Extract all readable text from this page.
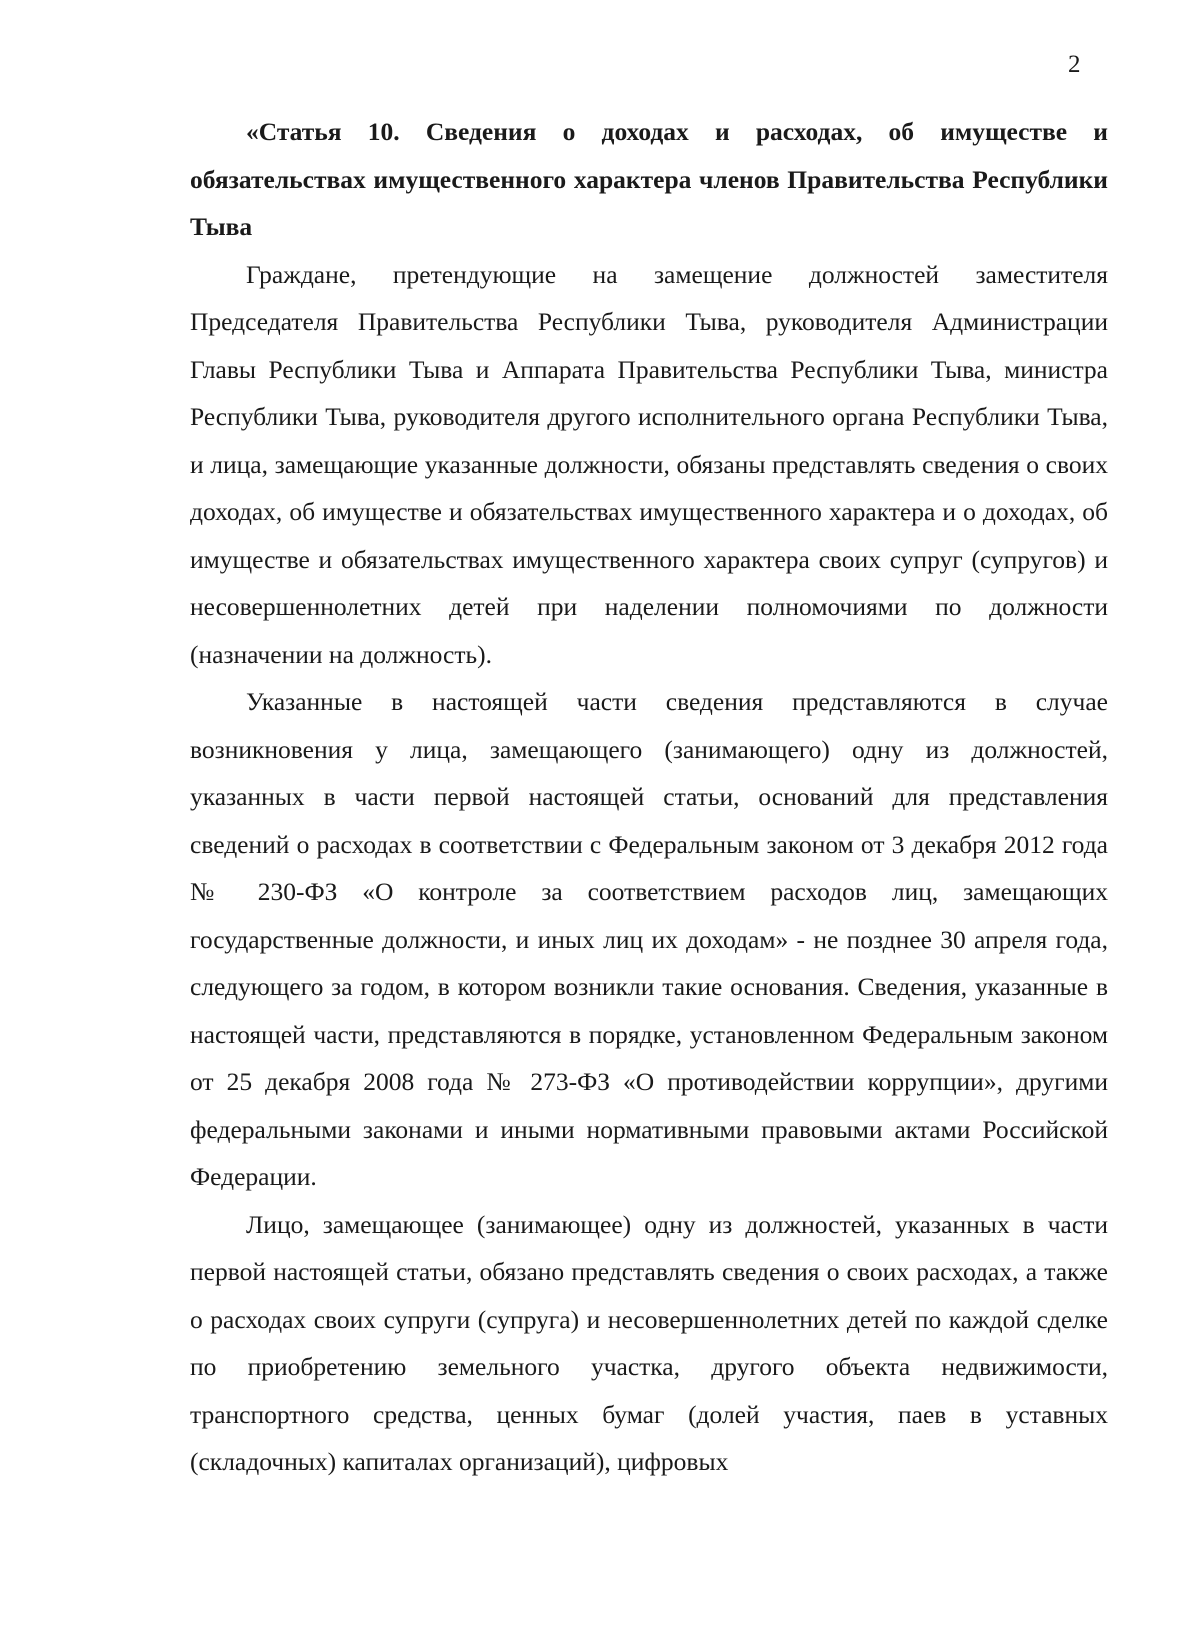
2

«Статья 10. Сведения о доходах и расходах, об имуществе и обязательствах имущественного характера членов Правительства Республики Тыва

Граждане, претендующие на замещение должностей заместителя Председателя Правительства Республики Тыва, руководителя Администрации Главы Республики Тыва и Аппарата Правительства Республики Тыва, министра Республики Тыва, руководителя другого исполнительного органа Республики Тыва, и лица, замещающие указанные должности, обязаны представлять сведения о своих доходах, об имуществе и обязательствах имущественного характера и о доходах, об имуществе и обязательствах имущественного характера своих супруг (супругов) и несовершеннолетних детей при наделении полномочиями по должности (назначении на должность).

Указанные в настоящей части сведения представляются в случае возникновения у лица, замещающего (занимающего) одну из должностей, указанных в части первой настоящей статьи, оснований для представления сведений о расходах в соответствии с Федеральным законом от 3 декабря 2012 года № 230-ФЗ «О контроле за соответствием расходов лиц, замещающих государственные должности, и иных лиц их доходам» - не позднее 30 апреля года, следующего за годом, в котором возникли такие основания. Сведения, указанные в настоящей части, представляются в порядке, установленном Федеральным законом от 25 декабря 2008 года № 273-ФЗ «О противодействии коррупции», другими федеральными законами и иными нормативными правовыми актами Российской Федерации.

Лицо, замещающее (занимающее) одну из должностей, указанных в части первой настоящей статьи, обязано представлять сведения о своих расходах, а также о расходах своих супруги (супруга) и несовершеннолетних детей по каждой сделке по приобретению земельного участка, другого объекта недвижимости, транспортного средства, ценных бумаг (долей участия, паев в уставных (складочных) капиталах организаций), цифровых
